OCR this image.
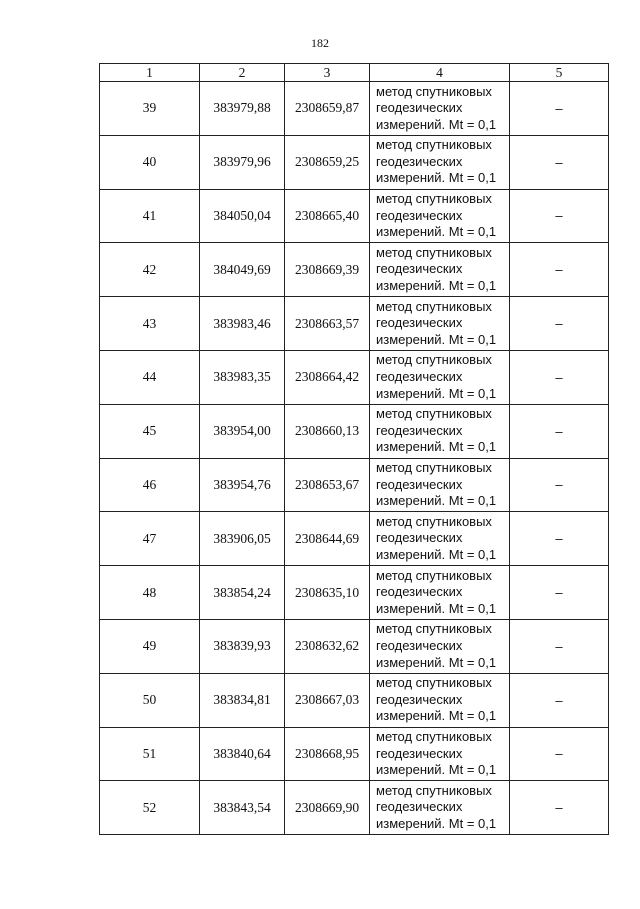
182
1	2	3	4	5
39	383979,88	2308659,87	метод спутниковых
геодезических
измерений. Mt = 0,1	–
40	383979,96	2308659,25	метод спутниковых
геодезических
измерений. Mt = 0,1	–
41	384050,04	2308665,40	метод спутниковых
геодезических
измерений. Mt = 0,1	–
42	384049,69	2308669,39	метод спутниковых
геодезических
измерений. Mt = 0,1	–
43	383983,46	2308663,57	метод спутниковых
геодезических
измерений. Mt = 0,1	–
44	383983,35	2308664,42	метод спутниковых
геодезических
измерений. Mt = 0,1	–
45	383954,00	2308660,13	метод спутниковых
геодезических
измерений. Mt = 0,1	–
46	383954,76	2308653,67	метод спутниковых
геодезических
измерений. Mt = 0,1	–
47	383906,05	2308644,69	метод спутниковых
геодезических
измерений. Mt = 0,1	–
48	383854,24	2308635,10	метод спутниковых
геодезических
измерений. Mt = 0,1	–
49	383839,93	2308632,62	метод спутниковых
геодезических
измерений. Mt = 0,1	–
50	383834,81	2308667,03	метод спутниковых
геодезических
измерений. Mt = 0,1	–
51	383840,64	2308668,95	метод спутниковых
геодезических
измерений. Mt = 0,1	–
52	383843,54	2308669,90	метод спутниковых
геодезических
измерений. Mt = 0,1	–
